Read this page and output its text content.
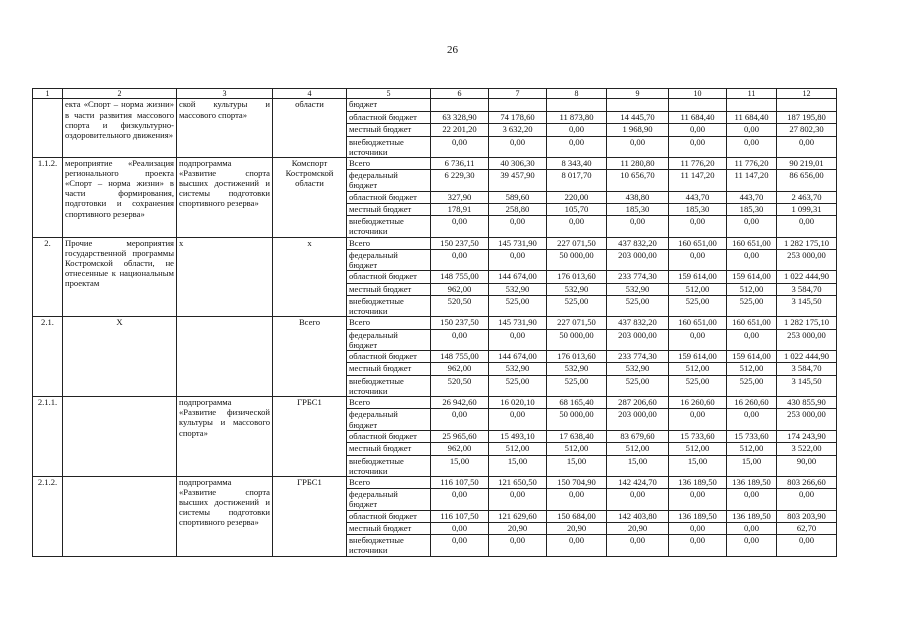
26
1	2	3	4	5	6	7	8	9	10	11	12
	екта «Спорт – норма жизни» в части развития массового спорта и физкультурно-оздоровительного движения»	ской культуры и массового спорта»	области	бюджет							
				областной бюджет	63 328,90	74 178,60	11 873,80	14 445,70	11 684,40	11 684,40	187 195,80
				местный бюджет	22 201,20	3 632,20	0,00	1 968,90	0,00	0,00	27 802,30
				внебюджетные источники	0,00	0,00	0,00	0,00	0,00	0,00	0,00
1.1.2.	мероприятие «Реализация регионального проекта «Спорт – норма жизни» в части формирования, подготовки и сохранения спортивного резерва»	подпрограмма «Развитие спорта высших достижений и системы подготовки спортивного резерва»	Комспорт Костромской области	Всего	6 736,11	40 306,30	8 343,40	11 280,80	11 776,20	11 776,20	90 219,01
				федеральный бюджет	6 229,30	39 457,90	8 017,70	10 656,70	11 147,20	11 147,20	86 656,00
				областной бюджет	327,90	589,60	220,00	438,80	443,70	443,70	2 463,70
				местный бюджет	178,91	258,80	105,70	185,30	185,30	185,30	1 099,31
				внебюджетные источники	0,00	0,00	0,00	0,00	0,00	0,00	0,00
2.	Прочие мероприятия государственной программы Костромской области, не отнесенные к национальным проектам	х	х	Всего	150 237,50	145 731,90	227 071,50	437 832,20	160 651,00	160 651,00	1 282 175,10
				федеральный бюджет	0,00	0,00	50 000,00	203 000,00	0,00	0,00	253 000,00
				областной бюджет	148 755,00	144 674,00	176 013,60	233 774,30	159 614,00	159 614,00	1 022 444,90
				местный бюджет	962,00	532,90	532,90	532,90	512,00	512,00	3 584,70
				внебюджетные источники	520,50	525,00	525,00	525,00	525,00	525,00	3 145,50
2.1.	Х		Всего	Всего	150 237,50	145 731,90	227 071,50	437 832,20	160 651,00	160 651,00	1 282 175,10
				федеральный бюджет	0,00	0,00	50 000,00	203 000,00	0,00	0,00	253 000,00
				областной бюджет	148 755,00	144 674,00	176 013,60	233 774,30	159 614,00	159 614,00	1 022 444,90
				местный бюджет	962,00	532,90	532,90	532,90	512,00	512,00	3 584,70
				внебюджетные источники	520,50	525,00	525,00	525,00	525,00	525,00	3 145,50
2.1.1.		подпрограмма «Развитие физической культуры и массового спорта»	ГРБС1	Всего	26 942,60	16 020,10	68 165,40	287 206,60	16 260,60	16 260,60	430 855,90
				федеральный бюджет	0,00	0,00	50 000,00	203 000,00	0,00	0,00	253 000,00
				областной бюджет	25 965,60	15 493,10	17 638,40	83 679,60	15 733,60	15 733,60	174 243,90
				местный бюджет	962,00	512,00	512,00	512,00	512,00	512,00	3 522,00
				внебюджетные источники	15,00	15,00	15,00	15,00	15,00	15,00	90,00
2.1.2.		подпрограмма «Развитие спорта высших достижений и системы подготовки спортивного резерва»	ГРБС1	Всего	116 107,50	121 650,50	150 704,90	142 424,70	136 189,50	136 189,50	803 266,60
				федеральный бюджет	0,00	0,00	0,00	0,00	0,00	0,00	0,00
				областной бюджет	116 107,50	121 629,60	150 684,00	142 403,80	136 189,50	136 189,50	803 203,90
				местный бюджет	0,00	20,90	20,90	20,90	0,00	0,00	62,70
				внебюджетные источники	0,00	0,00	0,00	0,00	0,00	0,00	0,00
